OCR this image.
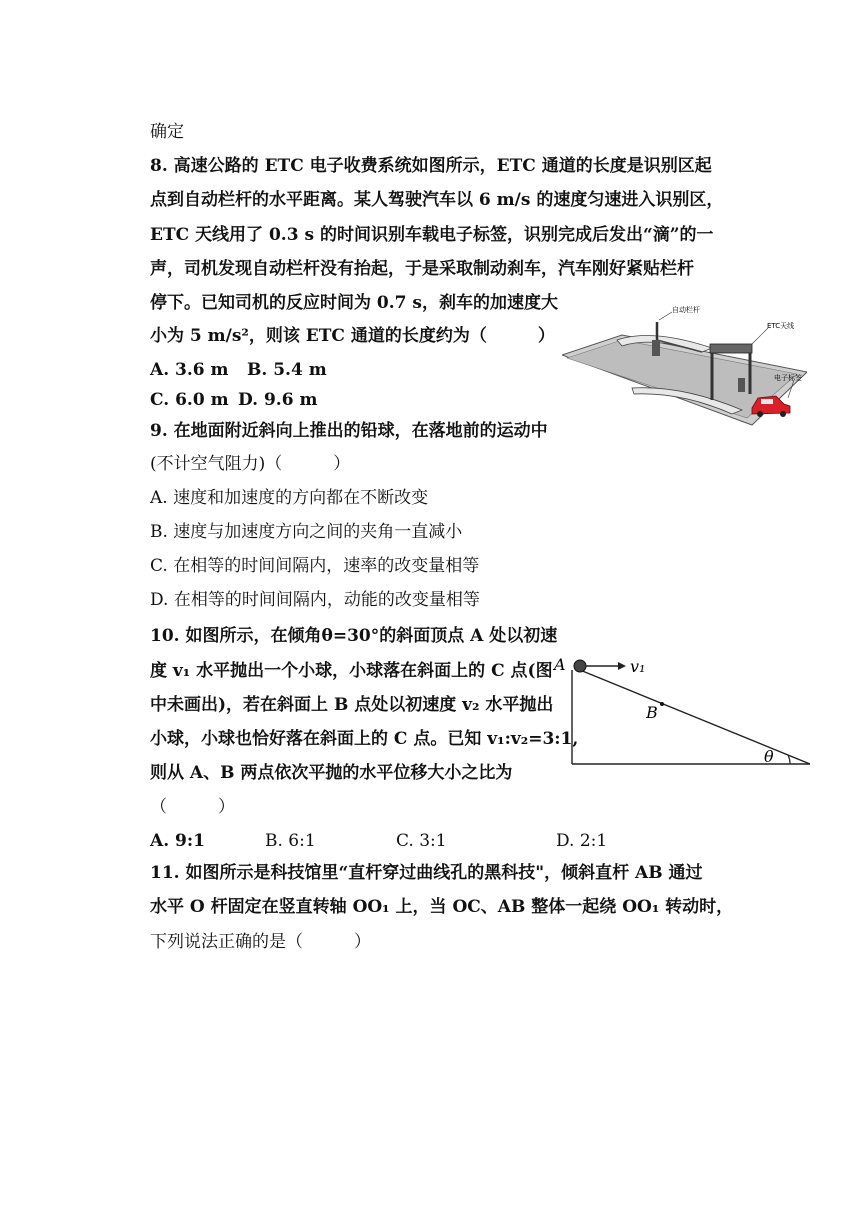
确定
8. 高速公路的 ETC 电子收费系统如图所示，ETC 通道的长度是识别区起
点到自动栏杆的水平距离。某人驾驶汽车以 6 m/s 的速度匀速进入识别区，
ETC 天线用了 0.3 s 的时间识别车载电子标签，识别完成后发出“滴”的一
声，司机发现自动栏杆没有抬起，于是采取制动刹车，汽车刚好紧贴栏杆
停下。已知司机的反应时间为 0.7 s，刹车的加速度大
小为 5 m/s²，则该 ETC 通道的长度约为（　　　）
A. 3.6 m B. 5.4 m
C. 6.0 m D. 9.6 m
自动栏杆
ETC天线
电子标签
9. 在地面附近斜向上推出的铅球，在落地前的运动中
(不计空气阻力)（　　　）
A. 速度和加速度的方向都在不断改变
B. 速度与加速度方向之间的夹角一直减小
C. 在相等的时间间隔内，速率的改变量相等
D. 在相等的时间间隔内，动能的改变量相等
10. 如图所示，在倾角θ=30°的斜面顶点 A 处以初速
度 v₁ 水平抛出一个小球，小球落在斜面上的 C 点(图
中未画出)，若在斜面上 B 点处以初速度 v₂ 水平抛出
小球，小球也恰好落在斜面上的 C 点。已知 v₁:v₂=3:1,
则从 A、B 两点依次平抛的水平位移大小之比为
（　　　）
A. 9:1	B. 6:1	C. 3:1	D. 2:1
A	v₁
B
θ
11. 如图所示是科技馆里“直杆穿过曲线孔的黑科技"，倾斜直杆 AB 通过
水平 O 杆固定在竖直转轴 OO₁ 上，当 OC、AB 整体一起绕 OO₁ 转动时，
下列说法正确的是（　　　）
